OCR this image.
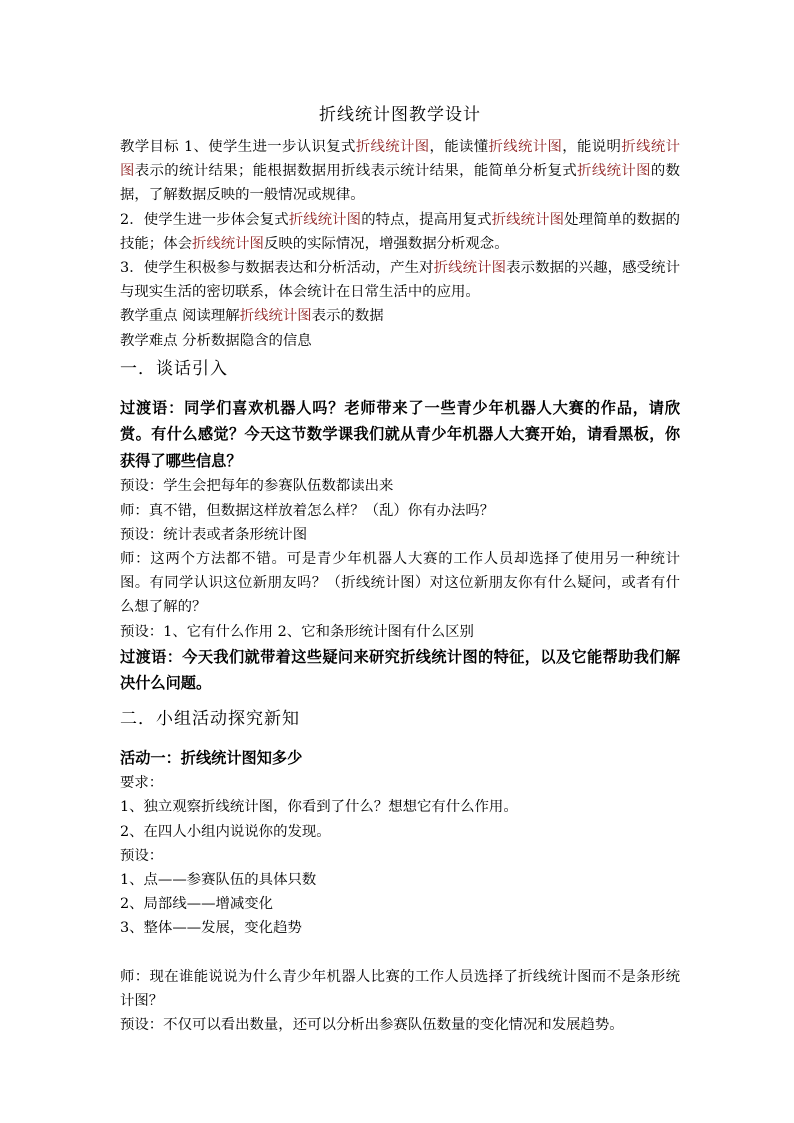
折线统计图教学设计

教学目标 1、使学生进一步认识复式折线统计图，能读懂折线统计图，能说明折线统计图表示的统计结果；能根据数据用折线表示统计结果，能简单分析复式折线统计图的数据，了解数据反映的一般情况或规律。

2．使学生进一步体会复式折线统计图的特点，提高用复式折线统计图处理简单的数据的技能；体会折线统计图反映的实际情况，增强数据分析观念。

3．使学生积极参与数据表达和分析活动，产生对折线统计图表示数据的兴趣，感受统计与现实生活的密切联系，体会统计在日常生活中的应用。

教学重点 阅读理解折线统计图表示的数据

教学难点 分析数据隐含的信息

一．谈话引入

过渡语：同学们喜欢机器人吗？老师带来了一些青少年机器人大赛的作品，请欣赏。有什么感觉？今天这节数学课我们就从青少年机器人大赛开始，请看黑板，你获得了哪些信息？

预设：学生会把每年的参赛队伍数都读出来

师：真不错，但数据这样放着怎么样？（乱）你有办法吗？

预设：统计表或者条形统计图

师：这两个方法都不错。可是青少年机器人大赛的工作人员却选择了使用另一种统计图。有同学认识这位新朋友吗？（折线统计图）对这位新朋友你有什么疑问，或者有什么想了解的？

预设：1、它有什么作用 2、它和条形统计图有什么区别

过渡语：今天我们就带着这些疑问来研究折线统计图的特征，以及它能帮助我们解决什么问题。

二．小组活动探究新知

活动一：折线统计图知多少

要求：

1、独立观察折线统计图，你看到了什么？想想它有什么作用。

2、在四人小组内说说你的发现。

预设：

1、点——参赛队伍的具体只数

2、局部线——增减变化

3、整体——发展，变化趋势

师：现在谁能说说为什么青少年机器人比赛的工作人员选择了折线统计图而不是条形统计图？

预设：不仅可以看出数量，还可以分析出参赛队伍数量的变化情况和发展趋势。
